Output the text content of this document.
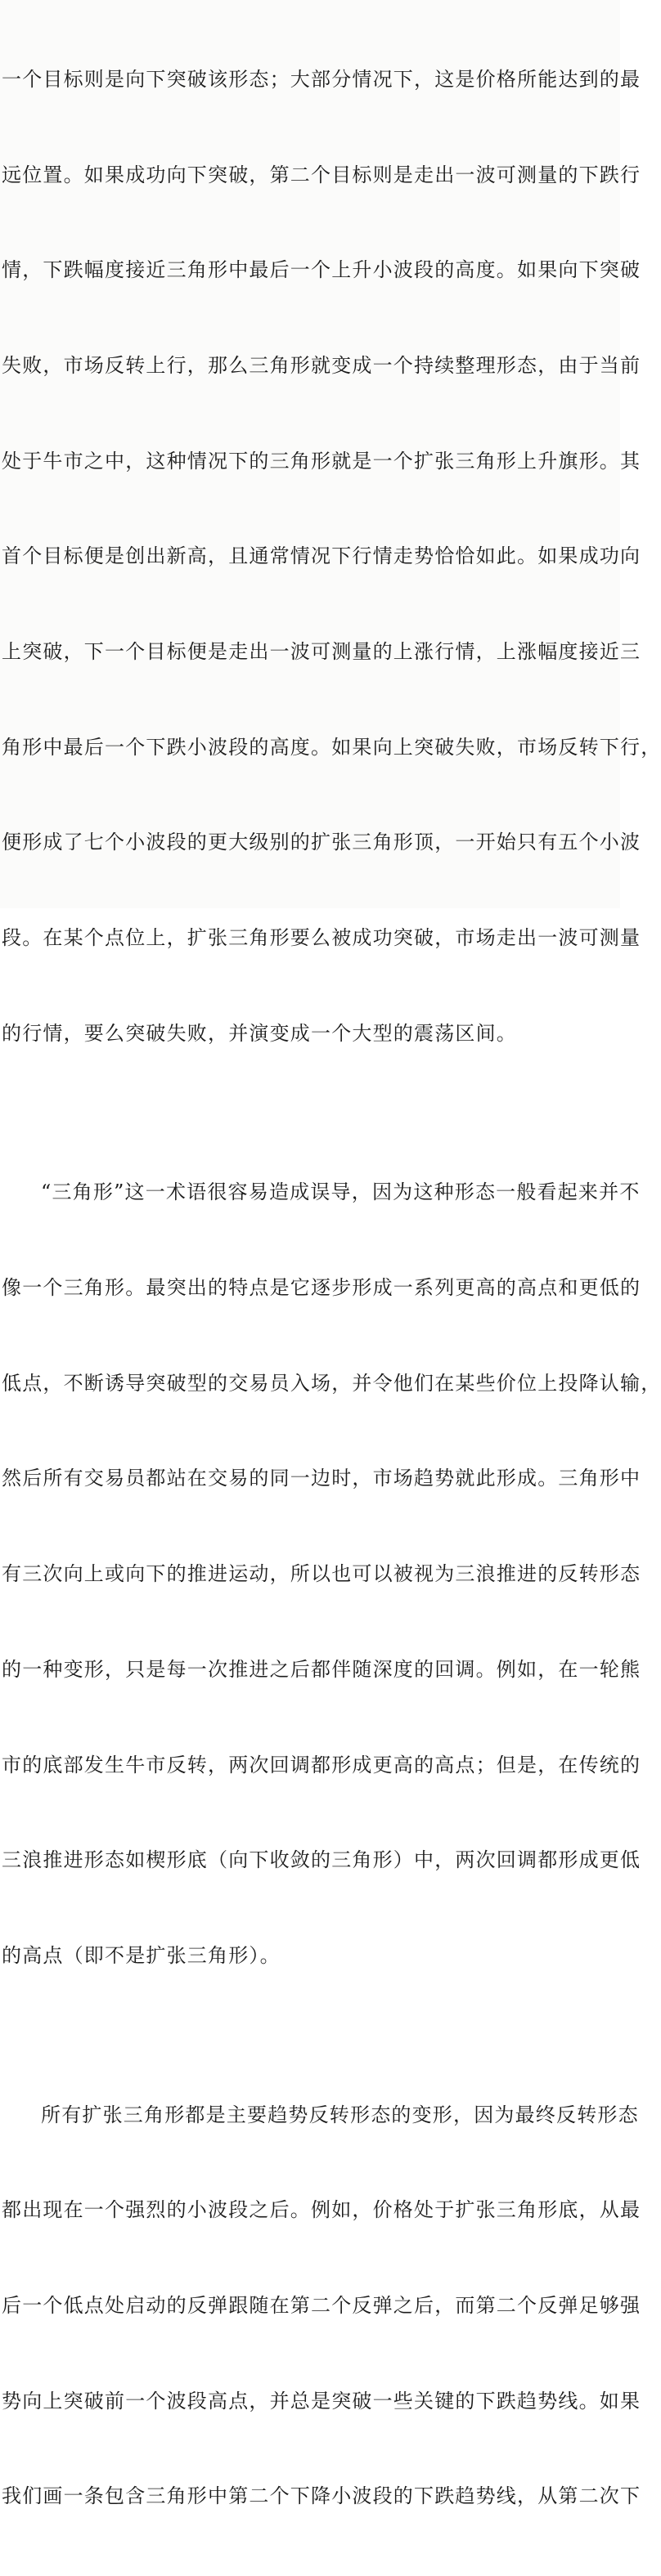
一个目标则是向下突破该形态；大部分情况下，这是价格所能达到的最

远位置。如果成功向下突破，第二个目标则是走出一波可测量的下跌行

情，下跌幅度接近三角形中最后一个上升小波段的高度。如果向下突破

失败，市场反转上行，那么三角形就变成一个持续整理形态，由于当前

处于牛市之中，这种情况下的三角形就是一个扩张三角形上升旗形。其

首个目标便是创出新高，且通常情况下行情走势恰恰如此。如果成功向

上突破，下一个目标便是走出一波可测量的上涨行情，上涨幅度接近三

角形中最后一个下跌小波段的高度。如果向上突破失败，市场反转下行，

便形成了七个小波段的更大级别的扩张三角形顶，一开始只有五个小波

段。在某个点位上，扩张三角形要么被成功突破，市场走出一波可测量

的行情，要么突破失败，并演变成一个大型的震荡区间。

“三角形”这一术语很容易造成误导，因为这种形态一般看起来并不

像一个三角形。最突出的特点是它逐步形成一系列更高的高点和更低的

低点，不断诱导突破型的交易员入场，并令他们在某些价位上投降认输，

然后所有交易员都站在交易的同一边时，市场趋势就此形成。三角形中

有三次向上或向下的推进运动，所以也可以被视为三浪推进的反转形态

的一种变形，只是每一次推进之后都伴随深度的回调。例如，在一轮熊

市的底部发生牛市反转，两次回调都形成更高的高点；但是，在传统的

三浪推进形态如楔形底（向下收敛的三角形）中，两次回调都形成更低

的高点（即不是扩张三角形）。

所有扩张三角形都是主要趋势反转形态的变形，因为最终反转形态

都出现在一个强烈的小波段之后。例如，价格处于扩张三角形底，从最

后一个低点处启动的反弹跟随在第二个反弹之后，而第二个反弹足够强

势向上突破前一个波段高点，并总是突破一些关键的下跌趋势线。如果

我们画一条包含三角形中第二个下降小波段的下跌趋势线，从第二次下
